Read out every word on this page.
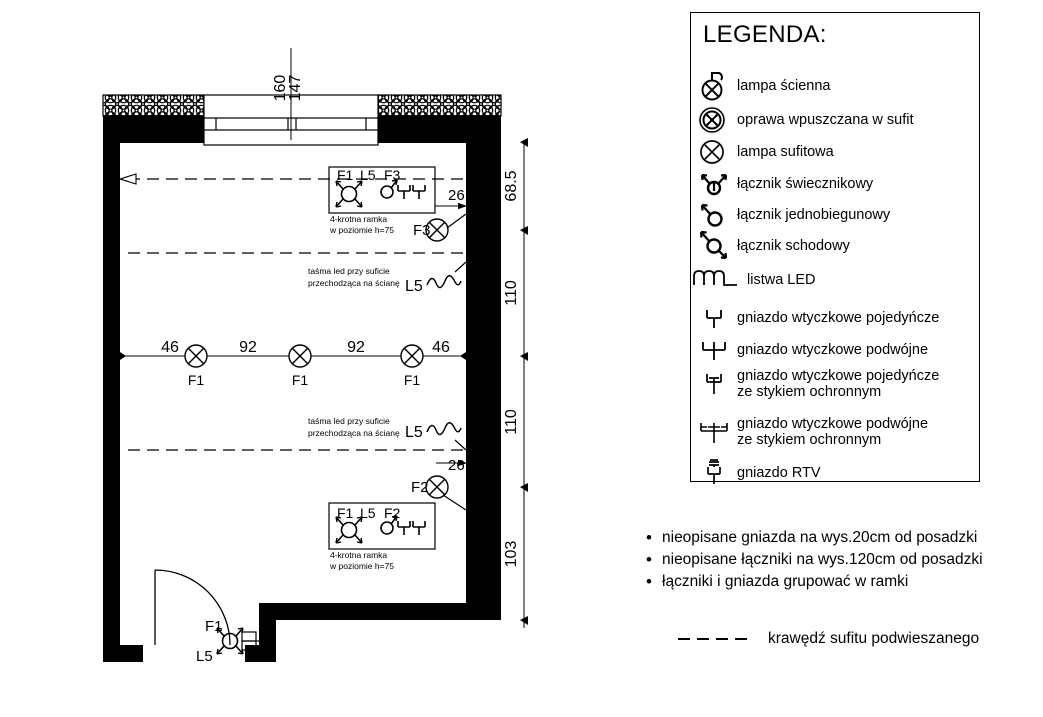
160
147
F1 L5 F3
4-krotna ramka
w poziomie h=75 F3
26
taśma led przy suficie
przechodząca na ścianę L5
F1	F1	F1
46	92	92	46
taśma led przy suficie
przechodząca na ścianę L5
F2
26
F1 L5 F2
4-krotna ramka
w poziomie h=75
F1
L5
68.5
110
110
103
LEGENDA:
lampa ścienna
oprawa wpuszczana w sufit
lampa sufitowa
łącznik świecznikowy
łącznik jednobiegunowy
łącznik schodowy
listwa LED
gniazdo wtyczkowe pojedyńcze
gniazdo wtyczkowe podwójne
gniazdo wtyczkowe pojedyńcze
ze stykiem ochronnym
gniazdo wtyczkowe podwójne
ze stykiem ochronnym
gniazdo RTV
• nieopisane gniazda na wys.20cm od posadzki
• nieopisane łączniki na wys.120cm od posadzki
• łączniki i gniazda grupować w ramki
krawędź sufitu podwieszanego
